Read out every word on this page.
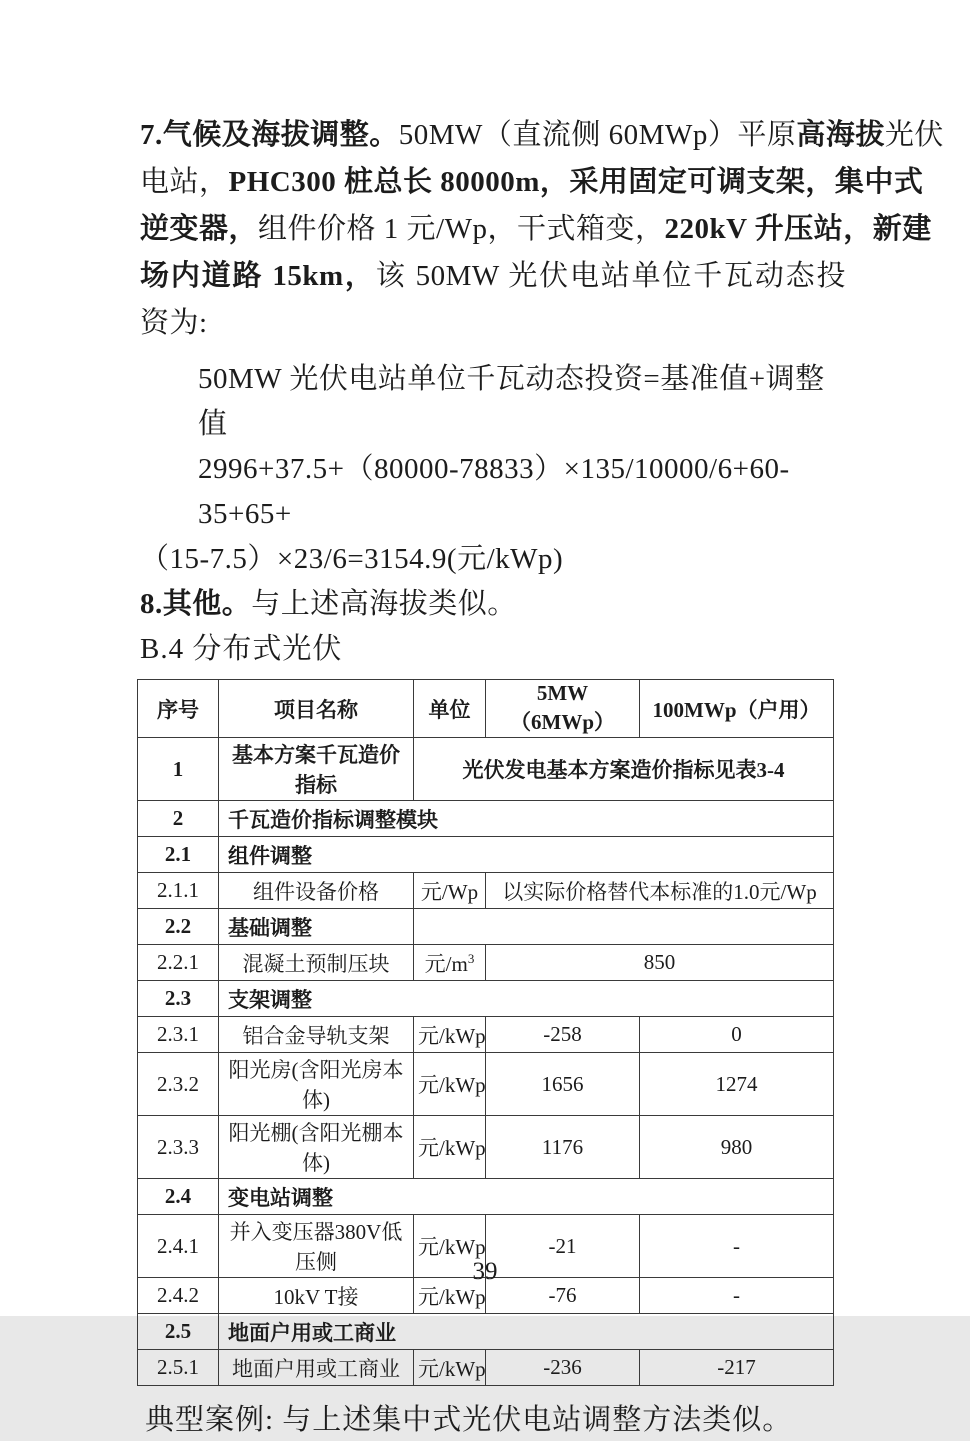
7.气候及海拔调整。50MW（直流侧 60MWp）平原高海拔光伏
电站，PHC300 桩总长 80000m，采用固定可调支架，集中式
逆变器，组件价格 1 元/Wp，干式箱变，220kV 升压站，新建
场内道路 15km，该 50MW 光伏电站单位千瓦动态投资为:
50MW 光伏电站单位千瓦动态投资=基准值+调整值
2996+37.5+（80000-78833）×135/10000/6+60-35+65+
（15-7.5）×23/6=3154.9(元/kWp)
8.其他。与上述高海拔类似。
B.4 分布式光伏
序号	项目名称	单位	5MW（6MWp）	100MWp（户用）
1	基本方案千瓦造价指标	光伏发电基本方案造价指标见表3-4		
2	千瓦造价指标调整模块			
2.1	组件调整			
2.1.1	组件设备价格	元/Wp	以实际价格替代本标准的1.0元/Wp	
2.2	基础调整			
2.2.1	混凝土预制压块	元$/m^3$	850	
2.3	支架调整			
2.3.1	铝合金导轨支架	元/kWp	-258	0
2.3.2	阳光房(含阳光房本体)	元/kWp	1656	1274
2.3.3	阳光棚(含阳光棚本体)	元/kWp	1176	980
2.4	变电站调整			
2.4.1	并入变压器380V低压侧	元/kWp	-21	-
2.4.2	10kV T接	元/kWp	-76	-
2.5	地面户用或工商业			
2.5.1	地面户用或工商业	元/kWp	-236	-217
典型案例: 与上述集中式光伏电站调整方法类似。
39
